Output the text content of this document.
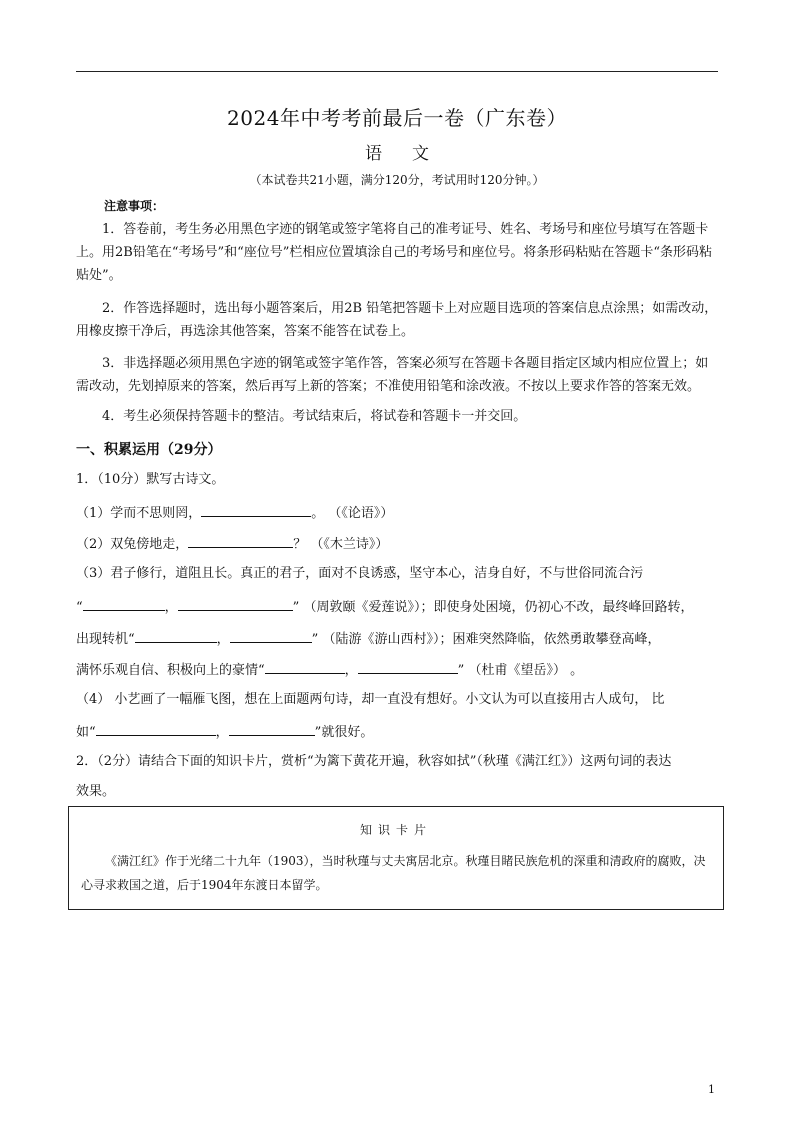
2024年中考考前最后一卷（广东卷）
语文
（本试卷共21小题，满分120分，考试用时120分钟。）
注意事项：
1．答卷前，考生务必用黑色字迹的钢笔或签字笔将自己的准考证号、姓名、考场号和座位号填写在答题卡上。用2B铅笔在“考场号”和“座位号”栏相应位置填涂自己的考场号和座位号。将条形码粘贴在答题卡“条形码粘贴处”。
2．作答选择题时，选出每小题答案后，用2B 铅笔把答题卡上对应题目选项的答案信息点涂黑；如需改动，用橡皮擦干净后，再选涂其他答案，答案不能答在试卷上。
3．非选择题必须用黑色字迹的钢笔或签字笔作答，答案必须写在答题卡各题目指定区域内相应位置上；如需改动，先划掉原来的答案，然后再写上新的答案；不准使用铅笔和涂改液。不按以上要求作答的答案无效。
4．考生必须保持答题卡的整洁。考试结束后，将试卷和答题卡一并交回。
一、积累运用（29分）
1．（10分）默写古诗文。
（1）学而不思则罔，	。 （《论语》）
（2）双兔傍地走，	？ （《木兰诗》）
（3）君子修行，道阻且长。真正的君子，面对不良诱惑，坚守本心，洁身自好，不与世俗同流合污
“	，	” （周敦颐《爱莲说》）；即使身处困境，仍初心不改，最终峰回路转，
出现转机“	，	” （陆游《游山西村》）；困难突然降临，依然勇敢攀登高峰，
满怀乐观自信、积极向上的豪情“	，	” （杜甫《望岳》） 。
（4） 小艺画了一幅雁飞图，想在上面题两句诗，却一直没有想好。小文认为可以直接用古人成句， 比
如“	，	”就很好。
2．（2分）请结合下面的知识卡片，赏析“为篱下黄花开遍，秋容如拭”（秋瑾《满江红》）这两句词的表达
效果。
知识卡片
《满江红》作于光绪二十九年（1903），当时秋瑾与丈夫寓居北京。秋瑾目睹民族危机的深重和清政府的腐败，决心寻求救国之道，后于1904年东渡日本留学。
1
